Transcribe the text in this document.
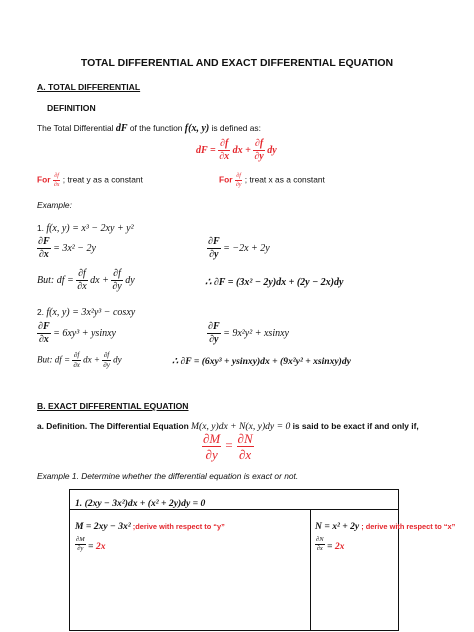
TOTAL DIFFERENTIAL AND EXACT DIFFERENTIAL EQUATION
A. TOTAL DIFFERENTIAL
DEFINITION
The Total Differential dF of the function f(x, y) is defined as:
dF = $\frac{\partial f}{\partial x}$ dx + $\frac{\partial f}{\partial y}$ dy
For $\frac{\partial f}{\partial x}$ ; treat y as a constant	For $\frac{\partial f}{\partial y}$ ; treat x as a constant
Example:
1. f(x, y) = x³ − 2xy + y²
$\frac{\partial F}{\partial x} = 3x^2 - 2y$	$\frac{\partial F}{\partial y} = -2x + 2y$
But: df = $\frac{\partial f}{\partial x}$ dx + $\frac{\partial f}{\partial y}$ dy	∴ ∂F = (3x² − 2y)dx + (2y − 2x)dy
2. f(x, y) = 3x²y³ − cosxy
$\frac{\partial F}{\partial x} = 6xy^3$ + ysinxy	$\frac{\partial F}{\partial y} = 9x^2y^2$ + xsinxy
But: df = $\frac{\partial f}{\partial x}$ dx + $\frac{\partial f}{\partial y}$ dy	∴ ∂F = (6xy³ + ysinxy)dx + (9x²y² + xsinxy)dy
B. EXACT DIFFERENTIAL EQUATION
a. Definition. The Differential Equation M(x, y)dx + N(x, y)dy = 0 is said to be exact if and only if,
$\frac{\partial M}{\partial y} = \frac{\partial N}{\partial x}$
Example 1. Determine whether the differential equation is exact or not.
1. (2xy − 3x²)dx + (x² + 2y)dy = 0
M = 2xy − 3x² ;derive with respect to “y”	N = x² + 2y ; derive with respect to “x”
$\frac{\partial M}{\partial y} = 2x$	$\frac{\partial N}{\partial x} = 2x$
